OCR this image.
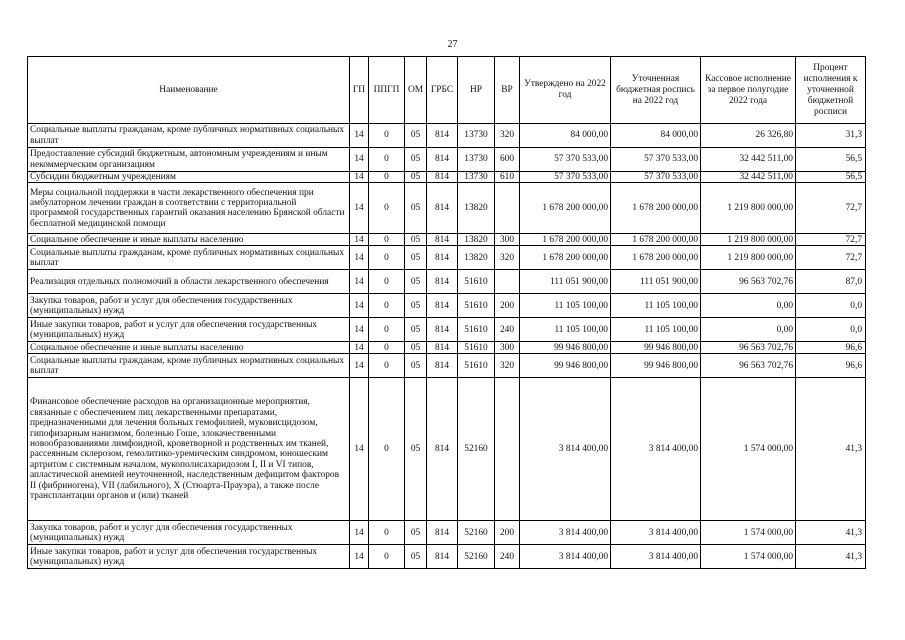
27
Наименование	ГП	ППГП	ОМ	ГРБС	НР	ВР	Утверждено на 2022 год	Уточненная бюджетная роспись на 2022 год	Кассовое исполнение за первое полугодие 2022 года	Процент исполнения к уточненной бюджетной росписи
Социальные выплаты гражданам, кроме публичных нормативных социальных выплат	14	0	05	814	13730	320	84 000,00	84 000,00	26 326,80	31,3
Предоставление субсидий бюджетным, автономным учреждениям и иным некоммерческим организациям	14	0	05	814	13730	600	57 370 533,00	57 370 533,00	32 442 511,00	56,5
Субсидии бюджетным учреждениям	14	0	05	814	13730	610	57 370 533,00	57 370 533,00	32 442 511,00	56,5
Меры социальной поддержки в части лекарственного обеспечения при амбулаторном лечении граждан в соответствии с территориальной программой государственных гарантий оказания населению Брянской области бесплатной медицинской помощи	14	0	05	814	13820		1 678 200 000,00	1 678 200 000,00	1 219 800 000,00	72,7
Социальное обеспечение и иные выплаты населению	14	0	05	814	13820	300	1 678 200 000,00	1 678 200 000,00	1 219 800 000,00	72,7
Социальные выплаты гражданам, кроме публичных нормативных социальных выплат	14	0	05	814	13820	320	1 678 200 000,00	1 678 200 000,00	1 219 800 000,00	72,7
Реализация отдельных полномочий в области лекарственного обеспечения	14	0	05	814	51610		111 051 900,00	111 051 900,00	96 563 702,76	87,0
Закупка товаров, работ и услуг для обеспечения государственных (муниципальных) нужд	14	0	05	814	51610	200	11 105 100,00	11 105 100,00	0,00	0,0
Иные закупки товаров, работ и услуг для обеспечения государственных (муниципальных) нужд	14	0	05	814	51610	240	11 105 100,00	11 105 100,00	0,00	0,0
Социальное обеспечение и иные выплаты населению	14	0	05	814	51610	300	99 946 800,00	99 946 800,00	96 563 702,76	96,6
Социальные выплаты гражданам, кроме публичных нормативных социальных выплат	14	0	05	814	51610	320	99 946 800,00	99 946 800,00	96 563 702,76	96,6
Финансовое обеспечение расходов на организационные мероприятия, связанные с обеспечением лиц лекарственными препаратами, предназначенными для лечения больных гемофилией, муковисцидозом, гипофизарным нанизмом, болезнью Гоше, злокачественными новообразованиями лимфоидной, кроветворной и родственных им тканей, рассеянным склерозом, гемолитико-уремическим синдромом, юношеским артритом с системным началом, мукополисахаридозом I, II и VI типов, апластической анемией неуточненной, наследственным дефицитом факторов II (фибриногена), VII (лабильного), X (Стюарта-Прауэра), а также после трансплантации органов и (или) тканей	14	0	05	814	52160		3 814 400,00	3 814 400,00	1 574 000,00	41,3
Закупка товаров, работ и услуг для обеспечения государственных (муниципальных) нужд	14	0	05	814	52160	200	3 814 400,00	3 814 400,00	1 574 000,00	41,3
Иные закупки товаров, работ и услуг для обеспечения государственных (муниципальных) нужд	14	0	05	814	52160	240	3 814 400,00	3 814 400,00	1 574 000,00	41,3
